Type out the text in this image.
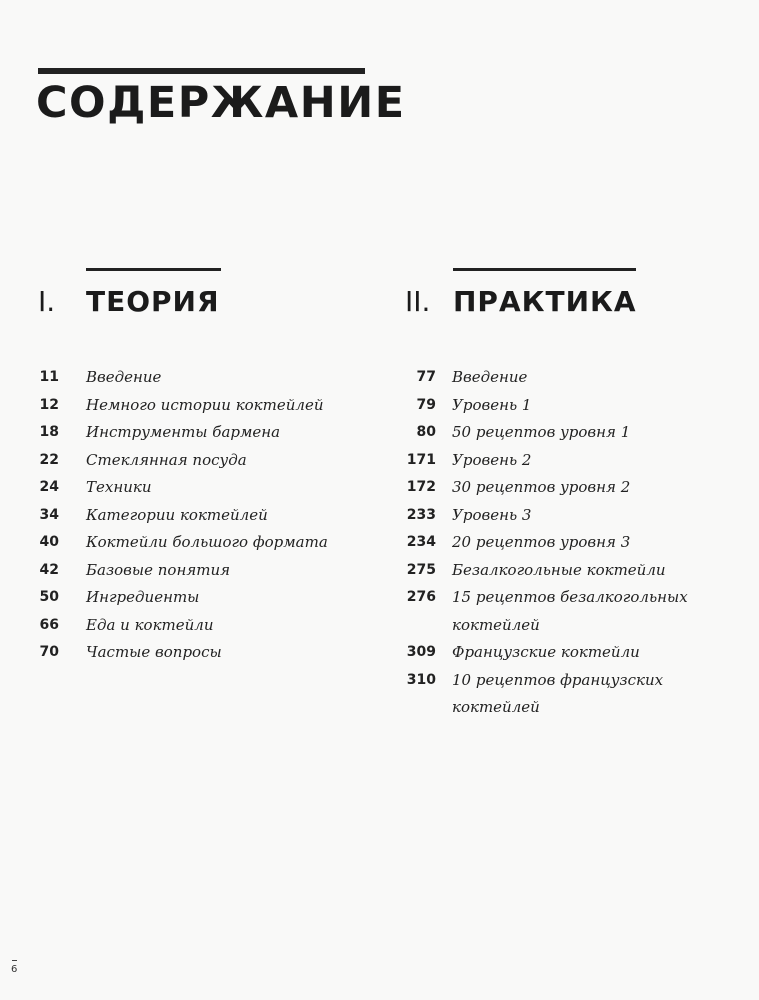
СОДЕРЖАНИЕ
I. ТЕОРИЯ
11 Введение
12 Немного истории коктейлей
18 Инструменты бармена
22 Стеклянная посуда
24 Техники
34 Категории коктейлей
40 Коктейли большого формата
42 Базовые понятия
50 Ингредиенты
66 Еда и коктейли
70 Частые вопросы
II. ПРАКТИКА
77 Введение
79 Уровень 1
80 50 рецептов уровня 1
171 Уровень 2
172 30 рецептов уровня 2
233 Уровень 3
234 20 рецептов уровня 3
275 Безалкогольные коктейли
276 15 рецептов безалкогольных коктейлей
309 Французские коктейли
310 10 рецептов французских коктейлей
6
